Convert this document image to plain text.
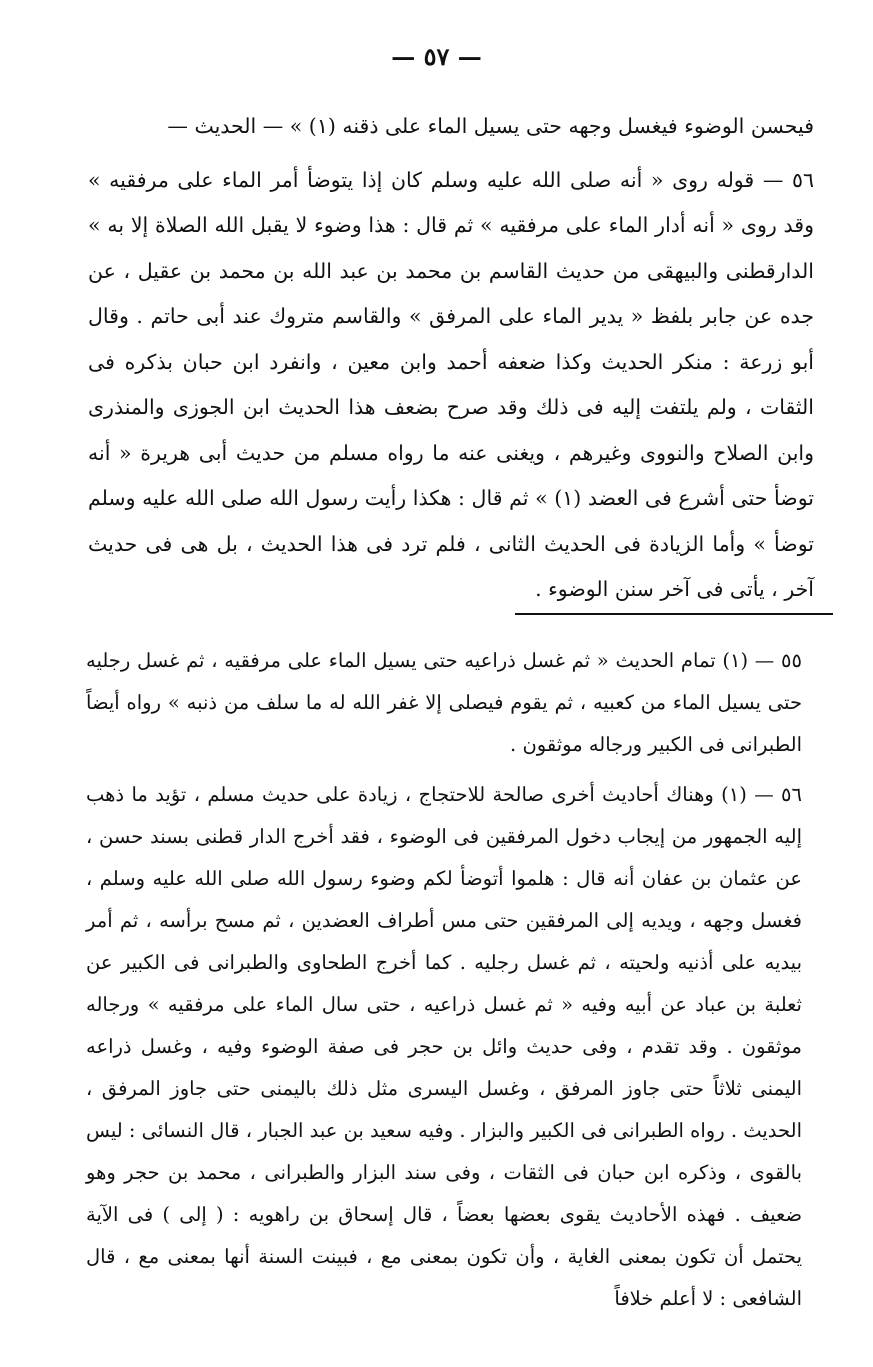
— ٥٧ —

فيحسن الوضوء فيغسل وجهه حتى يسيل الماء على ذقنه (١) » — الحديث —

٥٦ — قوله روى « أنه صلى الله عليه وسلم كان إذا يتوضأ أمر الماء على مرفقيه » وقد روى « أنه أدار الماء على مرفقيه » ثم قال : هذا وضوء لا يقبل الله الصلاة إلا به » الدارقطنى والبيهقى من حديث القاسم بن محمد بن عبد الله بن محمد بن عقيل ، عن جده عن جابر بلفظ « يدير الماء على المرفق » والقاسم متروك عند أبى حاتم . وقال أبو زرعة : منكر الحديث وكذا ضعفه أحمد وابن معين ، وانفرد ابن حبان بذكره فى الثقات ، ولم يلتفت إليه فى ذلك وقد صرح بضعف هذا الحديث ابن الجوزى والمنذرى وابن الصلاح والنووى وغيرهم ، ويغنى عنه ما رواه مسلم من حديث أبى هريرة « أنه توضأ حتى أشرع فى العضد (١) » ثم قال : هكذا رأيت رسول الله صلى الله عليه وسلم توضأ » وأما الزيادة فى الحديث الثانى ، فلم ترد فى هذا الحديث ، بل هى فى حديث آخر ، يأتى فى آخر سنن الوضوء .

٥٥ — (١) تمام الحديث « ثم غسل ذراعيه حتى يسيل الماء على مرفقيه ، ثم غسل رجليه حتى يسيل الماء من كعبيه ، ثم يقوم فيصلى إلا غفر الله له ما سلف من ذنبه » رواه أيضاً الطبرانى فى الكبير ورجاله موثقون .

٥٦ — (١) وهناك أحاديث أخرى صالحة للاحتجاج ، زيادة على حديث مسلم ، تؤيد ما ذهب إليه الجمهور من إيجاب دخول المرفقين فى الوضوء ، فقد أخرج الدار قطنى بسند حسن ، عن عثمان بن عفان أنه قال : هلموا أتوضأ لكم وضوء رسول الله صلى الله عليه وسلم ، فغسل وجهه ، ويديه إلى المرفقين حتى مس أطراف العضدين ، ثم مسح برأسه ، ثم أمر بيديه على أذنيه ولحيته ، ثم غسل رجليه . كما أخرج الطحاوى والطبرانى فى الكبير عن ثعلبة بن عباد عن أبيه وفيه « ثم غسل ذراعيه ، حتى سال الماء على مرفقيه » ورجاله موثقون . وقد تقدم ، وفى حديث وائل بن حجر فى صفة الوضوء وفيه ، وغسل ذراعه اليمنى ثلاثاً حتى جاوز المرفق ، وغسل اليسرى مثل ذلك باليمنى حتى جاوز المرفق ، الحديث . رواه الطبرانى فى الكبير والبزار . وفيه سعيد بن عبد الجبار ، قال النسائى : ليس بالقوى ، وذكره ابن حبان فى الثقات ، وفى سند البزار والطبرانى ، محمد بن حجر وهو ضعيف . فهذه الأحاديث يقوى بعضها بعضاً ، قال إسحاق بن راهويه : ( إلى ) فى الآية يحتمل أن تكون بمعنى الغاية ، وأن تكون بمعنى مع ، فبينت السنة أنها بمعنى مع ، قال الشافعى : لا أعلم خلافاً
